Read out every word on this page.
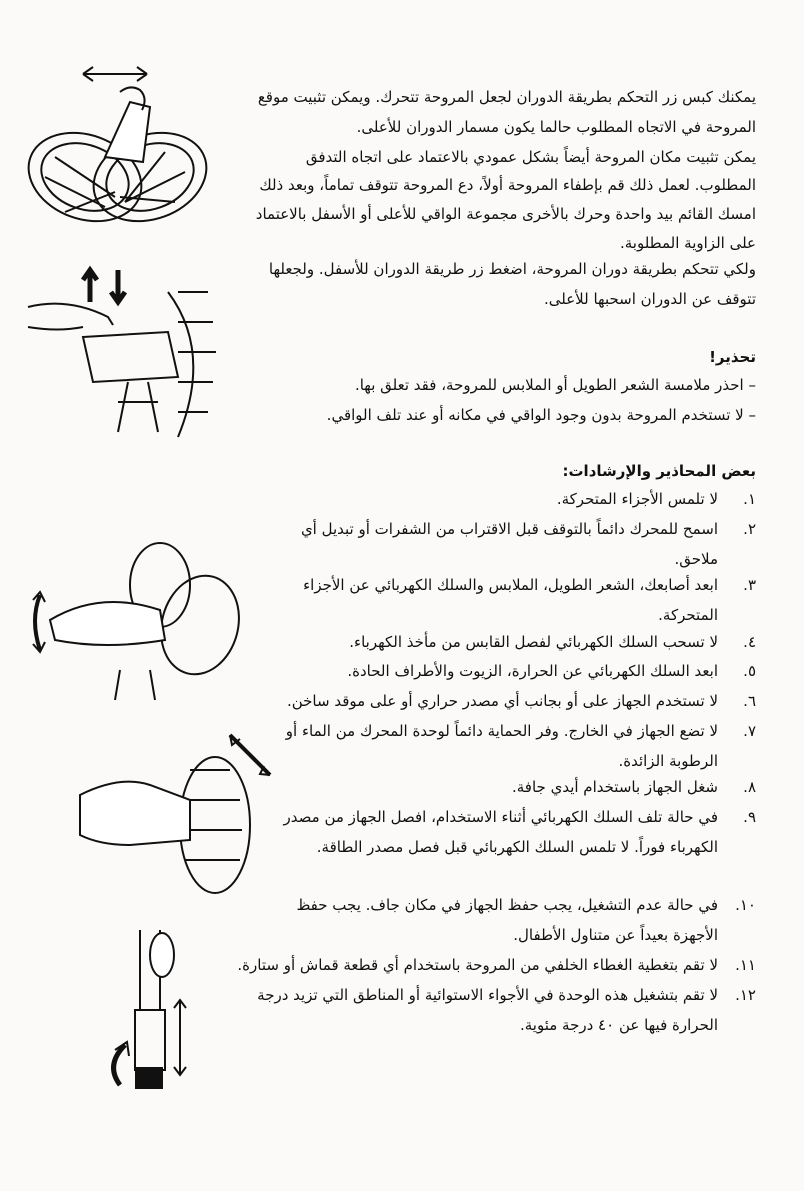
يمكنك كبس زر التحكم بطريقة الدوران لجعل المروحة تتحرك. ويمكن تثبيت موقع
المروحة في الاتجاه المطلوب حالما يكون مسمار الدوران للأعلى.
يمكن تثبيت مكان المروحة أيضاً بشكل عمودي بالاعتماد على اتجاه التدفق
المطلوب. لعمل ذلك قم بإطفاء المروحة أولاً، دع المروحة تتوقف تماماً، وبعد ذلك
امسك القائم بيد واحدة وحرك بالأخرى مجموعة الواقي للأعلى أو الأسفل بالاعتماد
على الزاوية المطلوبة.
ولكي تتحكم بطريقة دوران المروحة، اضغط زر طريقة الدوران للأسفل. ولجعلها
تتوقف عن الدوران اسحبها للأعلى.
تحذير!
– احذر ملامسة الشعر الطويل أو الملابس للمروحة، فقد تعلق بها.
– لا تستخدم المروحة بدون وجود الواقي في مكانه أو عند تلف الواقي.
بعض المحاذير والإرشادات:
١.
لا تلمس الأجزاء المتحركة.
٢.
اسمح للمحرك دائماً بالتوقف قبل الاقتراب من الشفرات أو تبديل أي ملاحق.
٣.
ابعد أصابعك، الشعر الطويل، الملابس والسلك الكهربائي عن الأجزاء المتحركة.
٤.
لا تسحب السلك الكهربائي لفصل القابس من مأخذ الكهرباء.
٥.
ابعد السلك الكهربائي عن الحرارة، الزيوت والأطراف الحادة.
٦.
لا تستخدم الجهاز على أو بجانب أي مصدر حراري أو على موقد ساخن.
٧.
لا تضع الجهاز في الخارج. وفر الحماية دائماً لوحدة المحرك من الماء أو الرطوبة الزائدة.
٨.
شغل الجهاز باستخدام أيدي جافة.
٩.
في حالة تلف السلك الكهربائي أثناء الاستخدام، افصل الجهاز من مصدر الكهرباء فوراً. لا تلمس السلك الكهربائي قبل فصل مصدر الطاقة.
١٠.
في حالة عدم التشغيل، يجب حفظ الجهاز في مكان جاف. يجب حفظ الأجهزة بعيداً عن متناول الأطفال.
١١.
لا تقم بتغطية الغطاء الخلفي من المروحة باستخدام أي قطعة قماش أو ستارة.
١٢.
لا تقم بتشغيل هذه الوحدة في الأجواء الاستوائية أو المناطق التي تزيد درجة الحرارة فيها عن ٤٠ درجة مئوية.
